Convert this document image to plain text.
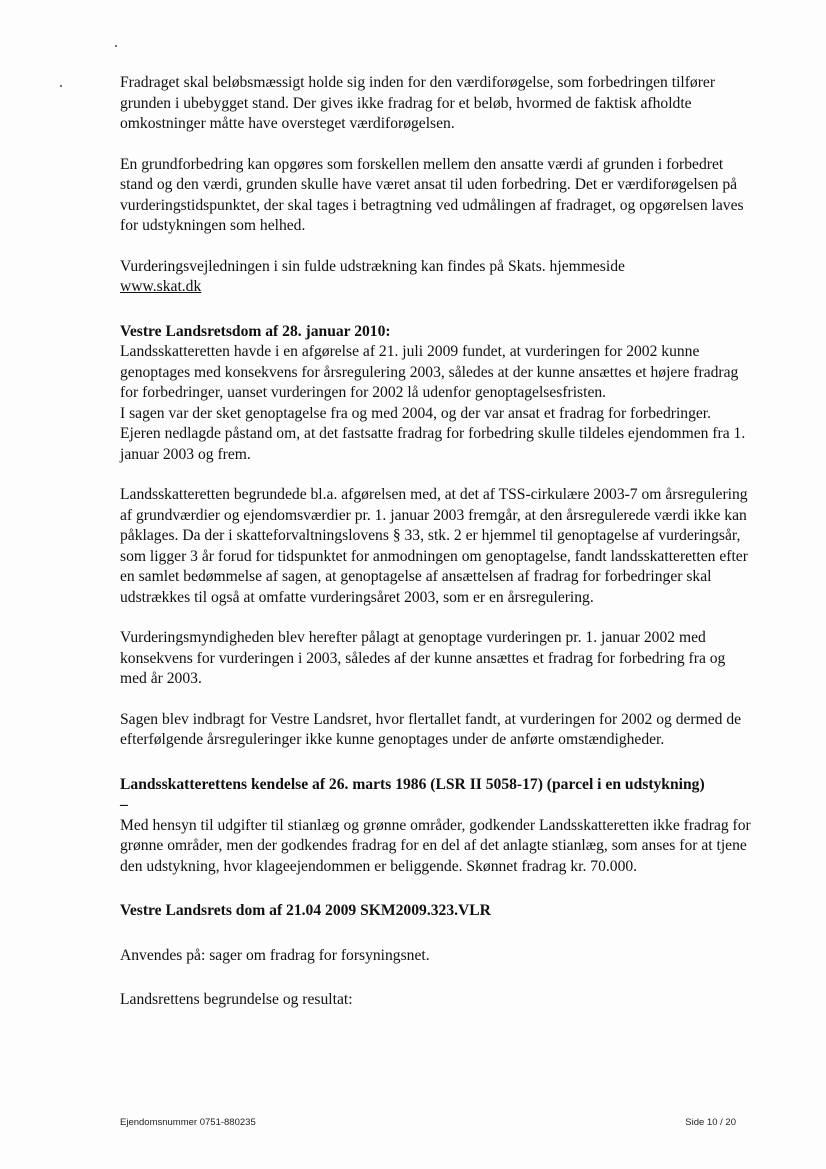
Fradraget skal beløbsmæssigt holde sig inden for den værdiforøgelse, som forbedringen tilfører grunden i ubebygget stand. Der gives ikke fradrag for et beløb, hvormed de faktisk afholdte omkostninger måtte have oversteget værdiforøgelsen.

En grundforbedring kan opgøres som forskellen mellem den ansatte værdi af grunden i forbedret stand og den værdi, grunden skulle have været ansat til uden forbedring. Det er værdiforøgelsen på vurderingstidspunktet, der skal tages i betragtning ved udmålingen af fradraget, og opgørelsen laves for udstykningen som helhed.

Vurderingsvejledningen i sin fulde udstrækning kan findes på Skats. hjemmeside

www.skat.dk

Vestre Landsretsdom af 28. januar 2010:

Landsskatteretten havde i en afgørelse af 21. juli 2009 fundet, at vurderingen for 2002 kunne genoptages med konsekvens for årsregulering 2003, således at der kunne ansættes et højere fradrag for forbedringer, uanset vurderingen for 2002 lå udenfor genoptagelsesfristen.

I sagen var der sket genoptagelse fra og med 2004, og der var ansat et fradrag for forbedringer. Ejeren nedlagde påstand om, at det fastsatte fradrag for forbedring skulle tildeles ejendommen fra 1. januar 2003 og frem.

Landsskatteretten begrundede bl.a. afgørelsen med, at det af TSS-cirkulære 2003-7 om årsregulering af grundværdier og ejendomsværdier pr. 1. januar 2003 fremgår, at den årsregulerede værdi ikke kan påklages. Da der i skatteforvaltningslovens § 33, stk. 2 er hjemmel til genoptagelse af vurderingsår, som ligger 3 år forud for tidspunktet for anmodningen om genoptagelse, fandt landsskatteretten efter en samlet bedømmelse af sagen, at genoptagelse af ansættelsen af fradrag for forbedringer skal udstrækkes til også at omfatte vurderingsåret 2003, som er en årsregulering.

Vurderingsmyndigheden blev herefter pålagt at genoptage vurderingen pr. 1. januar 2002 med konsekvens for vurderingen i 2003, således af der kunne ansættes et fradrag for forbedring fra og med år 2003.

Sagen blev indbragt for Vestre Landsret, hvor flertallet fandt, at vurderingen for 2002 og dermed de efterfølgende årsreguleringer ikke kunne genoptages under de anførte omstændigheder.

Landsskatterettens kendelse af 26. marts 1986 (LSR II 5058-17) (parcel i en udstykning)

–

Med hensyn til udgifter til stianlæg og grønne områder, godkender Landsskatteretten ikke fradrag for grønne områder, men der godkendes fradrag for en del af det anlagte stianlæg, som anses for at tjene den udstykning, hvor klageejendommen er beliggende. Skønnet fradrag kr. 70.000.

Vestre Landsrets dom af 21.04 2009 SKM2009.323.VLR

Anvendes på: sager om fradrag for forsyningsnet.

Landsrettens begrundelse og resultat:

Ejendomsnummer 0751-880235	Side 10 / 20
